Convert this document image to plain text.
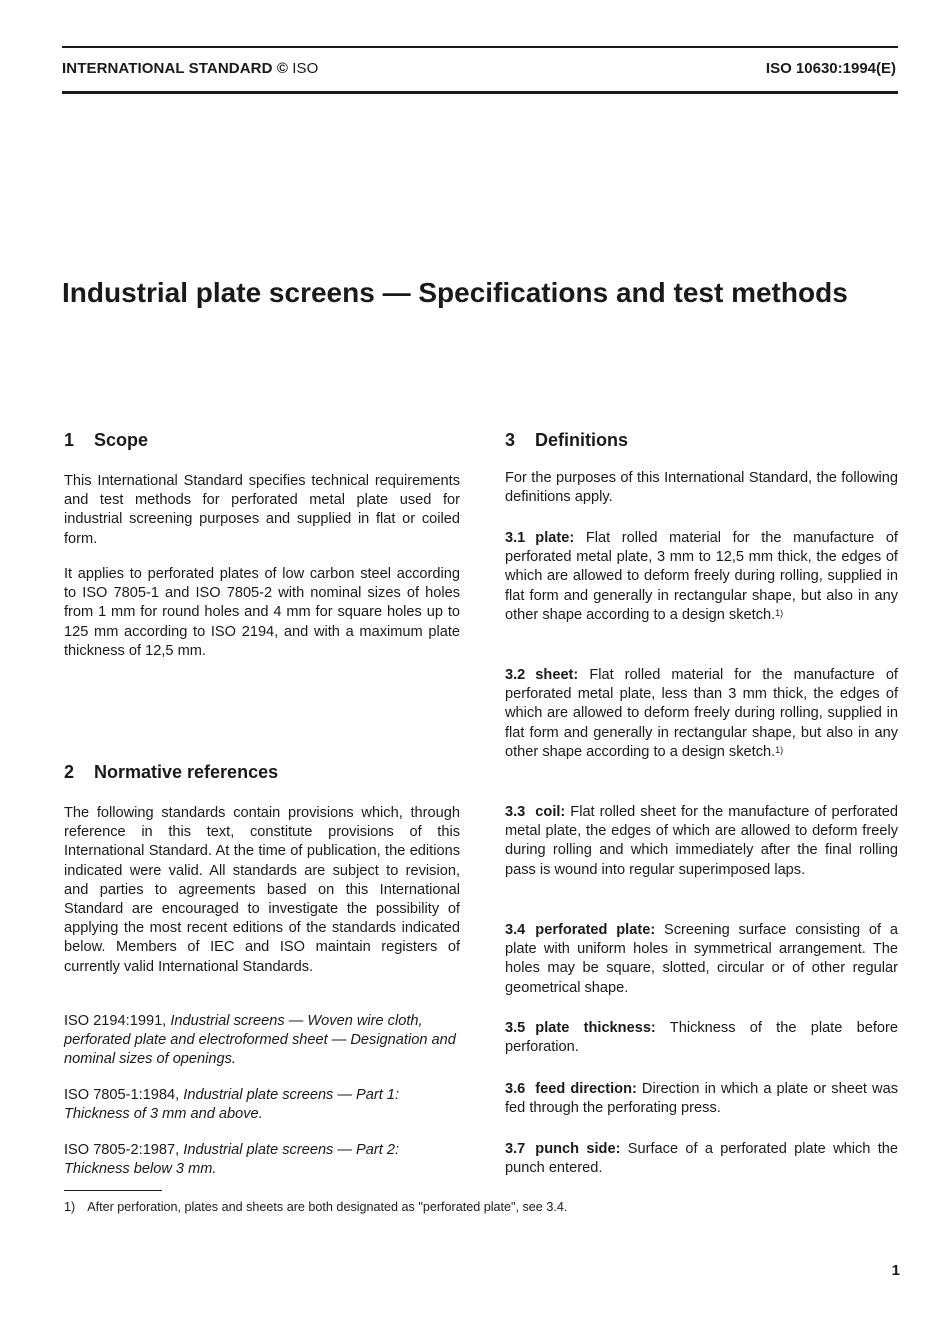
INTERNATIONAL STANDARD © ISO	ISO 10630:1994(E)
Industrial plate screens — Specifications and test methods
1 Scope

This International Standard specifies technical requirements and test methods for perforated metal plate used for industrial screening purposes and supplied in flat or coiled form.

It applies to perforated plates of low carbon steel according to ISO 7805-1 and ISO 7805-2 with nominal sizes of holes from 1 mm for round holes and 4 mm for square holes up to 125 mm according to ISO 2194, and with a maximum plate thickness of 12,5 mm.

2 Normative references

The following standards contain provisions which, through reference in this text, constitute provisions of this International Standard. At the time of publication, the editions indicated were valid. All standards are subject to revision, and parties to agreements based on this International Standard are encouraged to investigate the possibility of applying the most recent editions of the standards indicated below. Members of IEC and ISO maintain registers of currently valid International Standards.

ISO 2194:1991, Industrial screens — Woven wire cloth, perforated plate and electroformed sheet — Designation and nominal sizes of openings.

ISO 7805-1:1984, Industrial plate screens — Part 1: Thickness of 3 mm and above.

ISO 7805-2:1987, Industrial plate screens — Part 2: Thickness below 3 mm.

3 Definitions

For the purposes of this International Standard, the following definitions apply.

3.1 plate: Flat rolled material for the manufacture of perforated metal plate, 3 mm to 12,5 mm thick, the edges of which are allowed to deform freely during rolling, supplied in flat form and generally in rectangular shape, but also in any other shape according to a design sketch.$^{1)}$

3.2 sheet: Flat rolled material for the manufacture of perforated metal plate, less than 3 mm thick, the edges of which are allowed to deform freely during rolling, supplied in flat form and generally in rectangular shape, but also in any other shape according to a design sketch.$^{1)}$

3.3 coil: Flat rolled sheet for the manufacture of perforated metal plate, the edges of which are allowed to deform freely during rolling and which immediately after the final rolling pass is wound into regular superimposed laps.

3.4 perforated plate: Screening surface consisting of a plate with uniform holes in symmetrical arrangement. The holes may be square, slotted, circular or of other regular geometrical shape.

3.5 plate thickness: Thickness of the plate before perforation.

3.6 feed direction: Direction in which a plate or sheet was fed through the perforating press.

3.7 punch side: Surface of a perforated plate which the punch entered.

1) After perforation, plates and sheets are both designated as "perforated plate", see 3.4.
1
